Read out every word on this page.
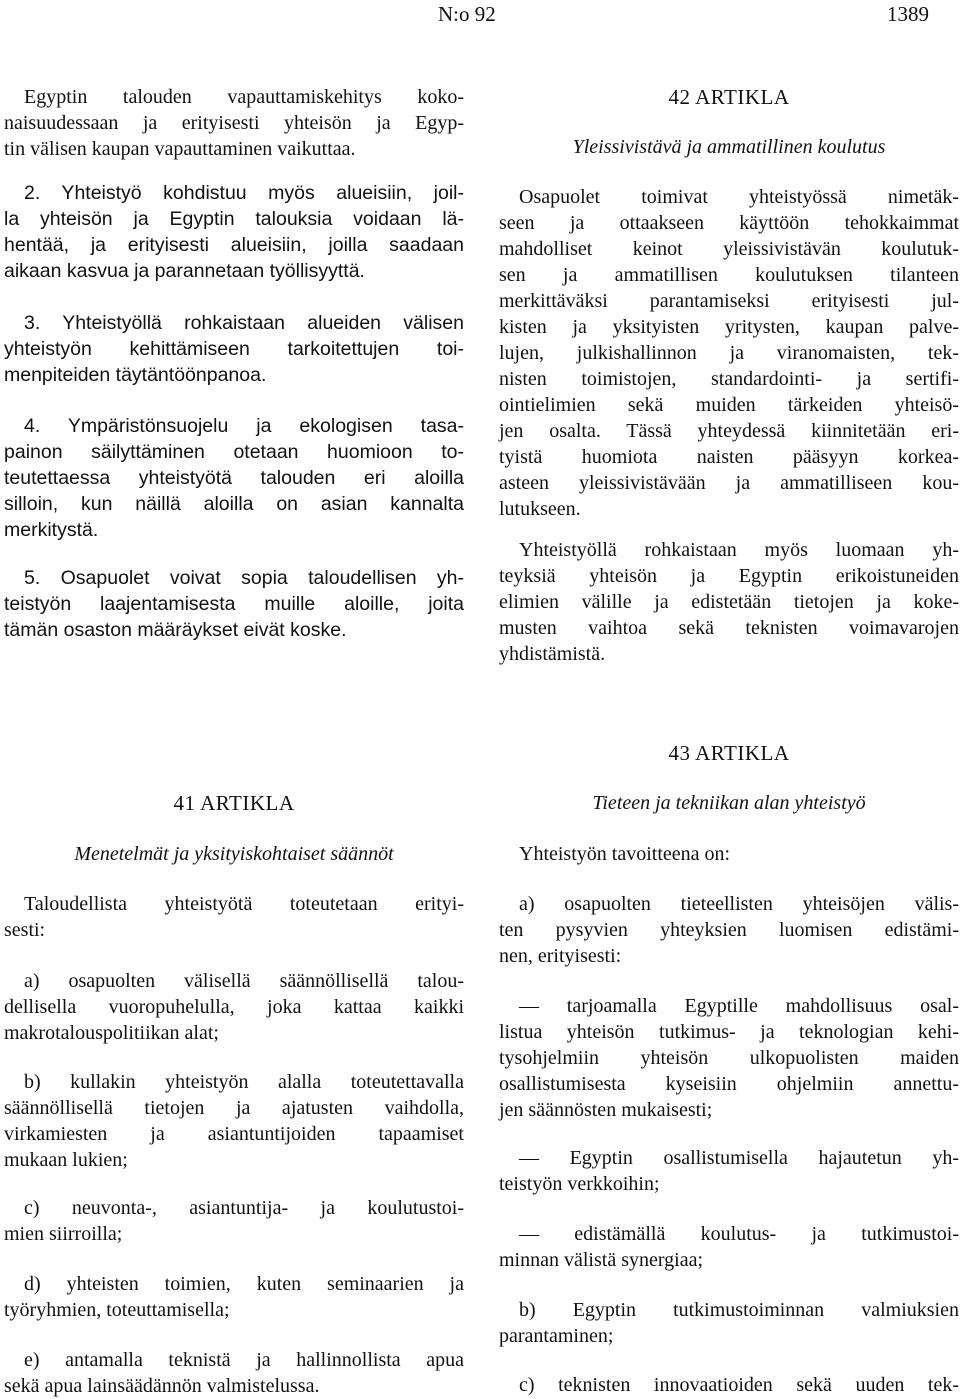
N:o 92	1389
Egyptin talouden vapauttamiskehitys koko-
naisuudessaan ja erityisesti yhteisön ja Egyp-
tin välisen kaupan vapauttaminen vaikuttaa.
2. Yhteistyö kohdistuu myös alueisiin, joil-
la yhteisön ja Egyptin talouksia voidaan lä-
hentää, ja erityisesti alueisiin, joilla saadaan
aikaan kasvua ja parannetaan työllisyyttä.
3. Yhteistyöllä rohkaistaan alueiden välisen
yhteistyön kehittämiseen tarkoitettujen toi-
menpiteiden täytäntöönpanoa.
4. Ympäristönsuojelu ja ekologisen tasa-
painon säilyttäminen otetaan huomioon to-
teutettaessa yhteistyötä talouden eri aloilla
silloin, kun näillä aloilla on asian kannalta
merkitystä.
5. Osapuolet voivat sopia taloudellisen yh-
teistyön laajentamisesta muille aloille, joita
tämän osaston määräykset eivät koske.
41 ARTIKLA
Menetelmät ja yksityiskohtaiset säännöt
Taloudellista yhteistyötä toteutetaan erityi-
sesti:
a) osapuolten välisellä säännöllisellä talou-
dellisella vuoropuhelulla, joka kattaa kaikki
makrotalouspolitiikan alat;
b) kullakin yhteistyön alalla toteutettavalla
säännöllisellä tietojen ja ajatusten vaihdolla,
virkamiesten ja asiantuntijoiden tapaamiset
mukaan lukien;
c) neuvonta-, asiantuntija- ja koulutustoi-
mien siirroilla;
d) yhteisten toimien, kuten seminaarien ja
työryhmien, toteuttamisella;
e) antamalla teknistä ja hallinnollista apua
sekä apua lainsäädännön valmistelussa.
42 ARTIKLA
Yleissivistävä ja ammatillinen koulutus
Osapuolet toimivat yhteistyössä nimetäk-
seen ja ottaakseen käyttöön tehokkaimmat
mahdolliset keinot yleissivistävän koulutuk-
sen ja ammatillisen koulutuksen tilanteen
merkittäväksi parantamiseksi erityisesti jul-
kisten ja yksityisten yritysten, kaupan palve-
lujen, julkishallinnon ja viranomaisten, tek-
nisten toimistojen, standardointi- ja sertifi-
ointielimien sekä muiden tärkeiden yhteisö-
jen osalta. Tässä yhteydessä kiinnitetään eri-
tyistä huomiota naisten pääsyyn korkea-
asteen yleissivistävään ja ammatilliseen kou-
lutukseen.
Yhteistyöllä rohkaistaan myös luomaan yh-
teyksiä yhteisön ja Egyptin erikoistuneiden
elimien välille ja edistetään tietojen ja koke-
musten vaihtoa sekä teknisten voimavarojen
yhdistämistä.
43 ARTIKLA
Tieteen ja tekniikan alan yhteistyö
Yhteistyön tavoitteena on:
a) osapuolten tieteellisten yhteisöjen välis-
ten pysyvien yhteyksien luomisen edistämi-
nen, erityisesti:
— tarjoamalla Egyptille mahdollisuus osal-
listua yhteisön tutkimus- ja teknologian kehi-
tysohjelmiin yhteisön ulkopuolisten maiden
osallistumisesta kyseisiin ohjelmiin annettu-
jen säännösten mukaisesti;
— Egyptin osallistumisella hajautetun yh-
teistyön verkkoihin;
— edistämällä koulutus- ja tutkimustoi-
minnan välistä synergiaa;
b) Egyptin tutkimustoiminnan valmiuksien
parantaminen;
c) teknisten innovaatioiden sekä uuden tek-
